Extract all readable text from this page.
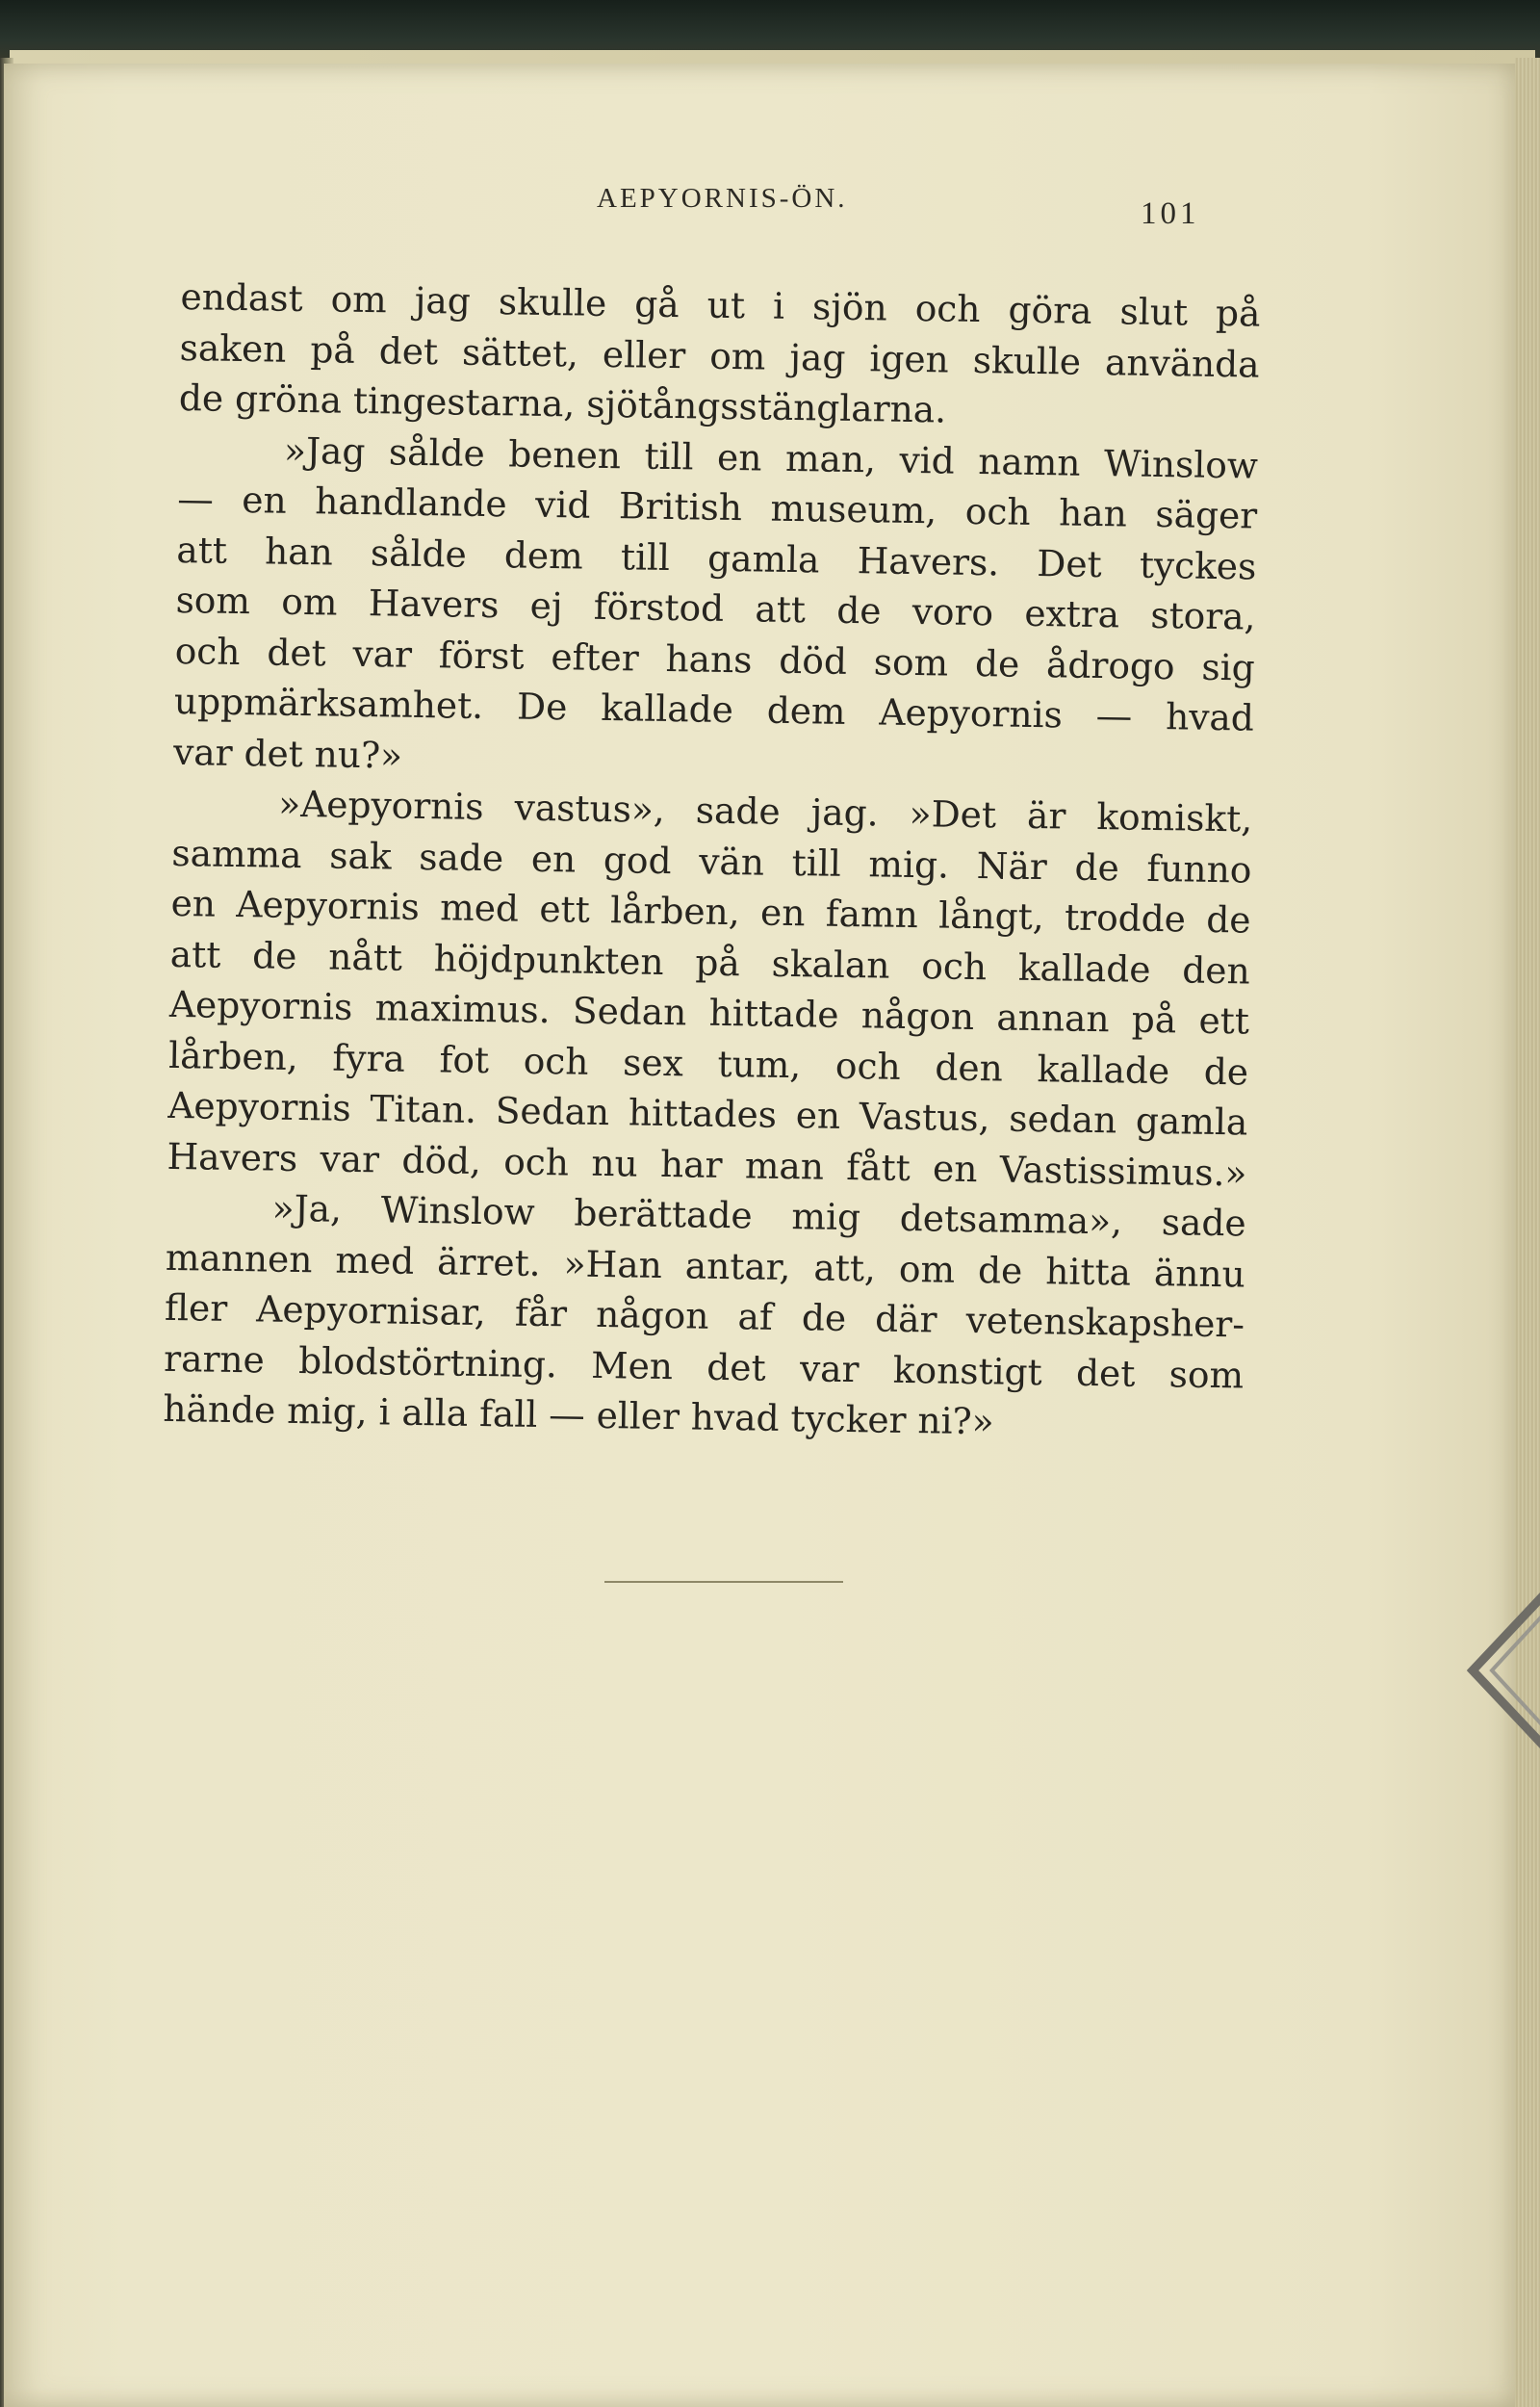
AEPYORNIS-ÖN.	101
endast om jag skulle gå ut i sjön och göra slut på
saken på det sättet, eller om jag igen skulle använda
de gröna tingestarna, sjötångsstänglarna.
»Jag sålde benen till en man, vid namn Winslow
— en handlande vid British museum, och han säger
att han sålde dem till gamla Havers. Det tyckes
som om Havers ej förstod att de voro extra stora,
och det var först efter hans död som de ådrogo sig
uppmärksamhet. De kallade dem Aepyornis — hvad
var det nu?»
»Aepyornis vastus», sade jag. »Det är komiskt,
samma sak sade en god vän till mig. När de funno
en Aepyornis med ett lårben, en famn långt, trodde de
att de nått höjdpunkten på skalan och kallade den
Aepyornis maximus. Sedan hittade någon annan på ett
lårben, fyra fot och sex tum, och den kallade de
Aepyornis Titan. Sedan hittades en Vastus, sedan gamla
Havers var död, och nu har man fått en Vastissimus.»
»Ja, Winslow berättade mig detsamma», sade
mannen med ärret. »Han antar, att, om de hitta ännu
fler Aepyornisar, får någon af de där vetenskapsher-
rarne blodstörtning. Men det var konstigt det som
hände mig, i alla fall — eller hvad tycker ni?»
